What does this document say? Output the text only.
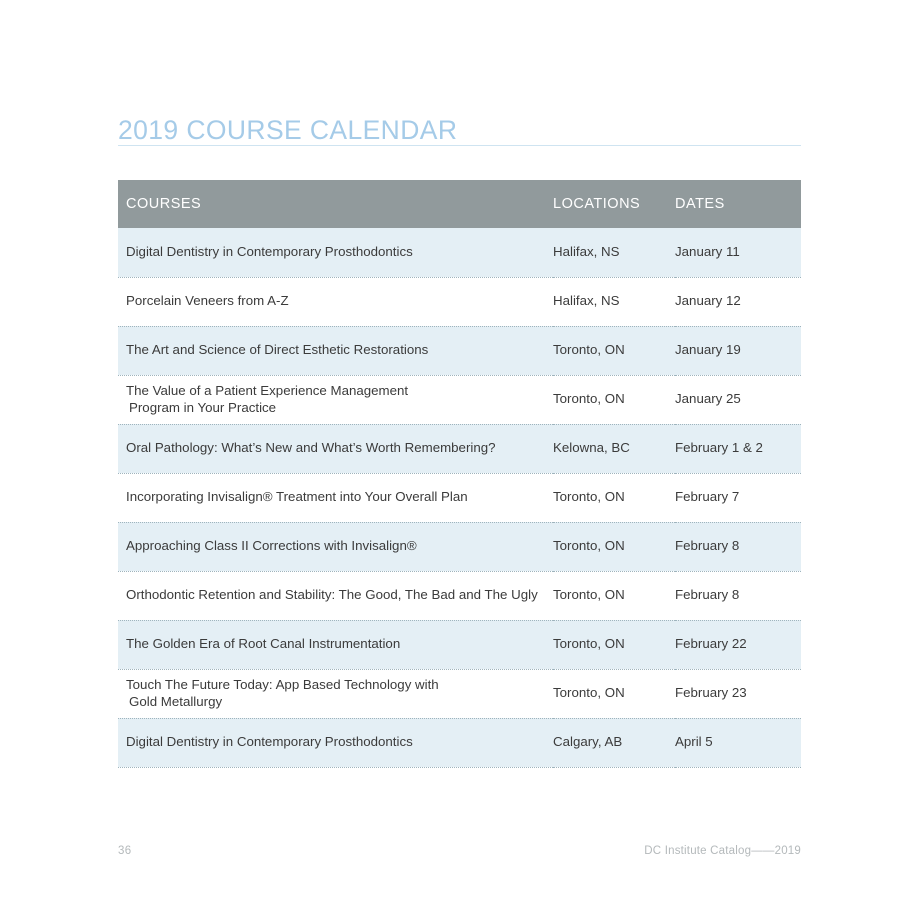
2019 COURSE CALENDAR
COURSES	LOCATIONS	DATES
Digital Dentistry in Contemporary Prosthodontics	Halifax, NS	January 11
Porcelain Veneers from A-Z	Halifax, NS	January 12
The Art and Science of Direct Esthetic Restorations	Toronto, ON	January 19
The Value of a Patient Experience Management
Program in Your Practice	Toronto, ON	January 25
Oral Pathology: What’s New and What’s Worth Remembering?	Kelowna, BC	February 1 & 2
Incorporating Invisalign® Treatment into Your Overall Plan	Toronto, ON	February 7
Approaching Class II Corrections with Invisalign®	Toronto, ON	February 8
Orthodontic Retention and Stability: The Good, The Bad and The Ugly	Toronto, ON	February 8
The Golden Era of Root Canal Instrumentation	Toronto, ON	February 22
Touch The Future Today: App Based Technology with
Gold Metallurgy	Toronto, ON	February 23
Digital Dentistry in Contemporary Prosthodontics	Calgary, AB	April 5
36	DC Institute Catalog——2019
